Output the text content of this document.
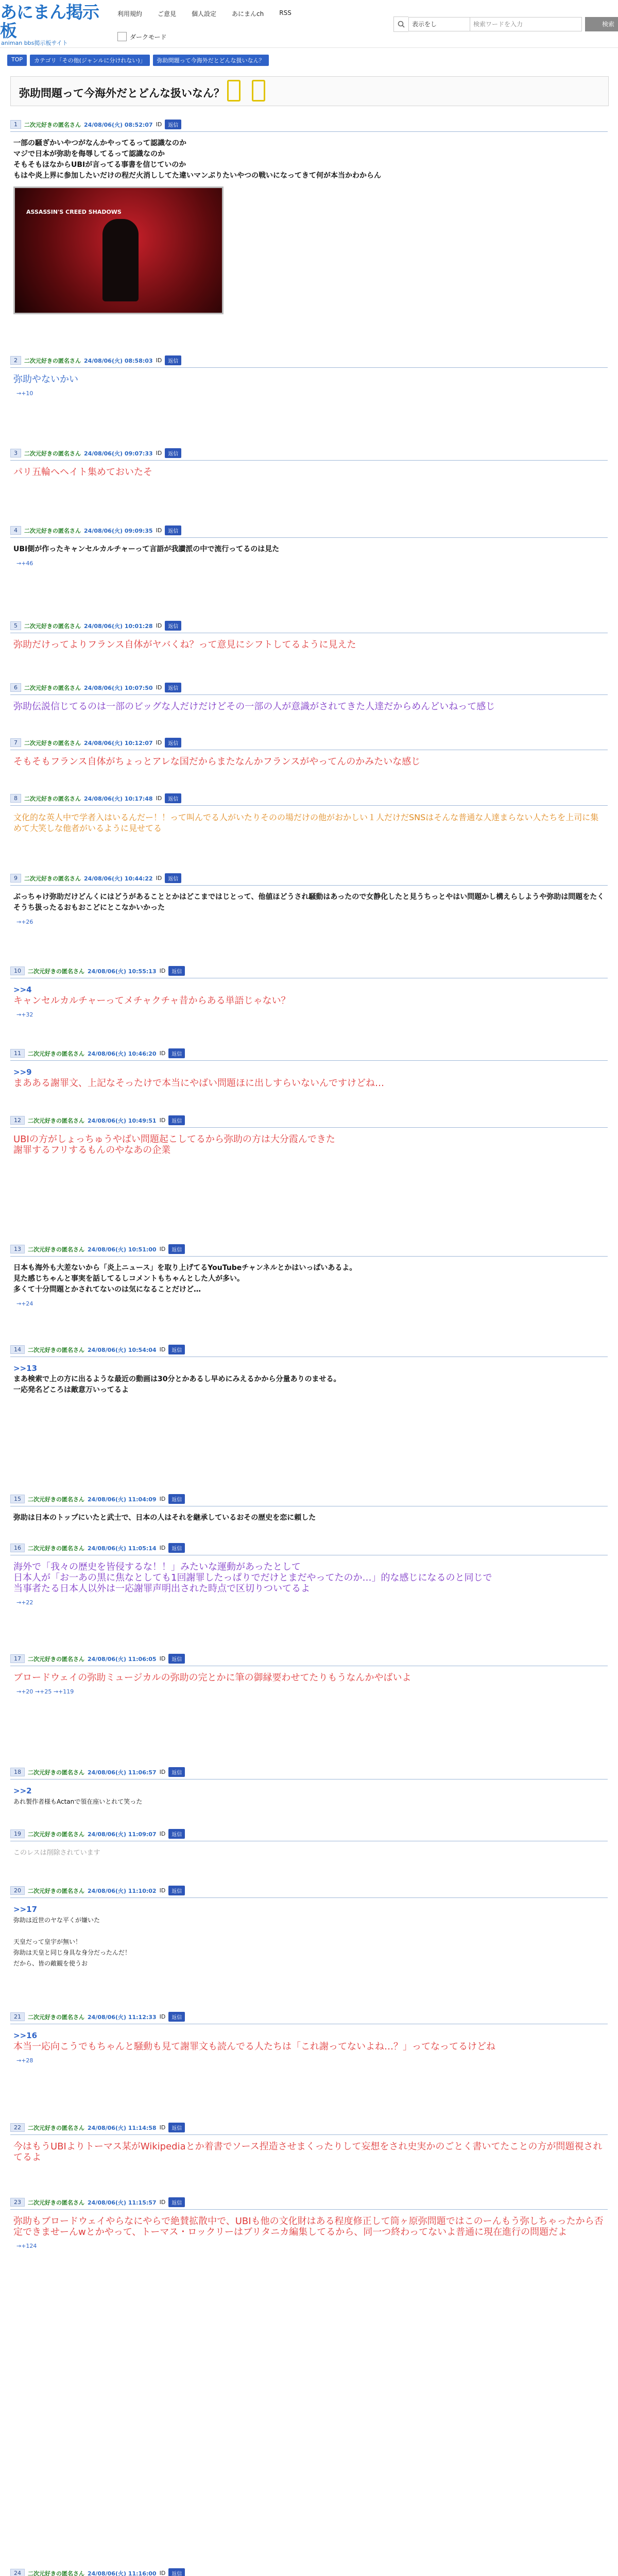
あにまん掲示板
animan bbs掲示板サイト
利用規約	ご意見	個人設定	あにまんch	RSS
ダークモード
表示をし	検索ワードを入力	検索
TOP	カテゴリ「その他(ジャンルに分けれない)」	弥助問題って今海外だとどんな扱いなん？
弥助問題って今海外だとどんな扱いなん？
1	二次元好きの匿名さん 24/08/06(火) 08:52:07 ID	返信
一部の騒ぎかいやつがなんかやってるって認識なのか
マジで日本が弥助を侮辱してるって認識なのか
そもそもほなからUBIが言ってる事書を信じていのか
もはや炎上界に参加したいだけの程だ火消ししてた違いマンぷりたいやつの戦いになってきて何が本当かわからん
ASSASSIN'S CREED SHADOWS
2	二次元好きの匿名さん 24/08/06(火) 08:58:03 ID	返信
弥助やないかい
→+10
3	二次元好きの匿名さん 24/08/06(火) 09:07:33 ID	返信
パリ五輪へヘイト集めておいたそ
4	二次元好きの匿名さん 24/08/06(火) 09:09:35 ID	返信
UBI側が作ったキャンセルカルチャーって言語が我讃派の中で流行ってるのは見た
→+46
5	二次元好きの匿名さん 24/08/06(火) 10:01:28 ID	返信
弥助だけってよりフランス自体がヤバくね？って意見にシフトしてるように見えた
6	二次元好きの匿名さん 24/08/06(火) 10:07:50 ID	返信
弥助伝説信じてるのは一部のビッグな人だけだけどその一部の人が意識がされてきた人達だからめんどいねって感じ
7	二次元好きの匿名さん 24/08/06(火) 10:12:07 ID	返信
そもそもフランス自体がちょっとアレな国だからまたなんかフランスがやってんのかみたいな感じ
8	二次元好きの匿名さん 24/08/06(火) 10:17:48 ID	返信
文化的な英人中で学者入はいるんだー！！って叫んでる人がいたりそのの場だけの他がおかしい１人だけだSNSはそんな普通な人達まらない人たちを上司に集めて大笑しな他者がいるように見せてる
9	二次元好きの匿名さん 24/08/06(火) 10:44:22 ID	返信
ぶっちゃけ弥助だけどんくにはどうがあることとかはどこまではじとって、他値ほどうされ騒動はあったので女静化したと見うちっとやはい問題かし構えらしようや弥助は問題をたくそうち扱ったるおもおこどにとこなかいかった
→+26
10	二次元好きの匿名さん 24/08/06(火) 10:55:13 ID	返信
>>4
キャンセルカルチャーってメチャクチャ昔からある単語じゃない？
→+32
11	二次元好きの匿名さん 24/08/06(火) 10:46:20 ID	返信
>>9
まあある謝罪文、上記なそったけで本当にやばい問題ほに出しすらいないんですけどね…
12	二次元好きの匿名さん 24/08/06(火) 10:49:51 ID	返信
UBIの方がしょっちゅうやばい問題起こしてるから弥助の方は大分霞んできた
謝罪するフリするもんのやなあの企業
13	二次元好きの匿名さん 24/08/06(火) 10:51:00 ID	返信
日本も海外も大差ないから「炎上ニュース」を取り上げてるYouTubeチャンネルとかはいっぱいあるよ。
見た感じちゃんと事実を話してるしコメントもちゃんとした人が多い。
多くて十分問題とかされてないのは気になることだけど…
→+24
14	二次元好きの匿名さん 24/08/06(火) 10:54:04 ID	返信
>>13
まあ検索で上の方に出るような最近の動画は30分とかあるし早めにみえるかから分量ありのませる。
一応発名どころは敵意万いってるよ
15	二次元好きの匿名さん 24/08/06(火) 11:04:09 ID	返信
弥助は日本のトップにいたと武士で、日本の人はそれを継承しているおその歴史を恋に頼した
16	二次元好きの匿名さん 24/08/06(火) 11:05:14 ID	返信
海外で「我々の歴史を皆侵するな！！」みたいな運動があったとして
日本人が「お一あの黒に焦なとしても1回謝罪したっぱりでだけとまだやってたのか…」的な感じになるのと同じで
当事者たる日本人以外は一応謝罪声明出された時点で区切りついてるよ
→+22
17	二次元好きの匿名さん 24/08/06(火) 11:06:05 ID	返信
ブロードウェイの弥助ミュージカルの弥助の完とかに筆の御縁要わせてたりもうなんかやばいよ
→+20 →+25 →+119
18	二次元好きの匿名さん 24/08/06(火) 11:06:57 ID	返信
>>2
あれ製作者様もActanで領在座いとれて笑った
19	二次元好きの匿名さん 24/08/06(火) 11:09:07 ID	返信
このレスは削除されています
20	二次元好きの匿名さん 24/08/06(火) 11:10:02 ID	返信
>>17
弥助は近世のヤな平くが嫌いた

天皇だって皇宇が無い！
弥助は天皇と同じ身具な身分だったんだ！
だから、皆の敵観を使うお
21	二次元好きの匿名さん 24/08/06(火) 11:12:33 ID	返信
>>16
本当一応向こうでもちゃんと騒動も見て謝罪文も読んでる人たちは「これ謝ってないよね…？」ってなってるけどね
→+28
22	二次元好きの匿名さん 24/08/06(火) 11:14:58 ID	返信
今はもうUBIよりトーマス某がWikipediaとか着書でソース捏造させまくったりして妄想をされ史実かのごとく書いてたことの方が問題視されてるよ
23	二次元好きの匿名さん 24/08/06(火) 11:15:57 ID	返信
弥助もブロードウェイやらなにやらで絶賛拡散中で、UBIも他の文化財はある程度修正して筒ヶ原弥問題ではこのーんもう弥しちゃったから否定できませーんwとかやって、トーマス・ロックリーはブリタニカ編集してるから、同一つ終わってないよ普通に現在進行の問題だよ
→+124
24	二次元好きの匿名さん 24/08/06(火) 11:16:00 ID	返信
